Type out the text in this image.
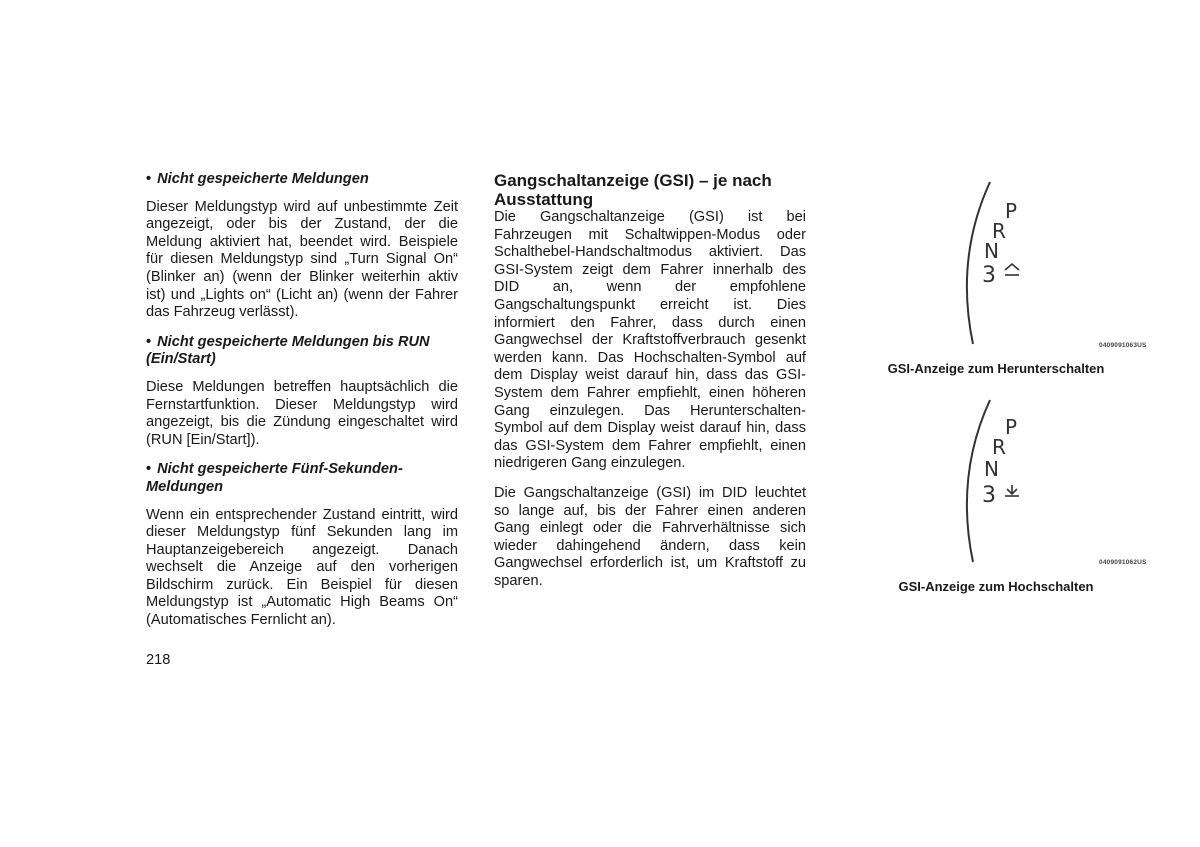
• Nicht gespeicherte Meldungen

Dieser Meldungstyp wird auf unbestimmte Zeit angezeigt, oder bis der Zustand, der die Meldung aktiviert hat, beendet wird. Beispiele für diesen Meldungstyp sind „Turn Signal On“ (Blinker an) (wenn der Blinker weiterhin aktiv ist) und „Lights on“ (Licht an) (wenn der Fahrer das Fahrzeug verlässt).

• Nicht gespeicherte Meldungen bis RUN (Ein/Start)

Diese Meldungen betreffen hauptsächlich die Fernstartfunktion. Dieser Meldungstyp wird angezeigt, bis die Zündung eingeschaltet wird (RUN [Ein/Start]).

• Nicht gespeicherte Fünf-Sekunden-Meldungen

Wenn ein entsprechender Zustand eintritt, wird dieser Meldungstyp fünf Sekunden lang im Hauptanzeigebereich angezeigt. Danach wechselt die Anzeige auf den vorherigen Bildschirm zurück. Ein Beispiel für diesen Meldungstyp ist „Automatic High Beams On“ (Automatisches Fernlicht an).

218
Gangschaltanzeige (GSI) – je nach Ausstattung

Die Gangschaltanzeige (GSI) ist bei Fahrzeugen mit Schaltwippen-Modus oder Schalthebel-Handschaltmodus aktiviert. Das GSI-System zeigt dem Fahrer innerhalb des DID an, wenn der empfohlene Gangschaltungspunkt erreicht ist. Dies informiert den Fahrer, dass durch einen Gangwechsel der Kraftstoffverbrauch gesenkt werden kann. Das Hochschalten-Symbol auf dem Display weist darauf hin, dass das GSI-System dem Fahrer empfiehlt, einen höheren Gang einzulegen. Das Herunterschalten-Symbol auf dem Display weist darauf hin, dass das GSI-System dem Fahrer empfiehlt, einen niedrigeren Gang einzulegen.

Die Gangschaltanzeige (GSI) im DID leuchtet so lange auf, bis der Fahrer einen anderen Gang einlegt oder die Fahrverhältnisse sich wieder dahingehend ändern, dass kein Gangwechsel erforderlich ist, um Kraftstoff zu sparen.

P
R
N
3
0409091063US
GSI-Anzeige zum Herunterschalten
P
R
N
3
0409091062US
GSI-Anzeige zum Hochschalten
